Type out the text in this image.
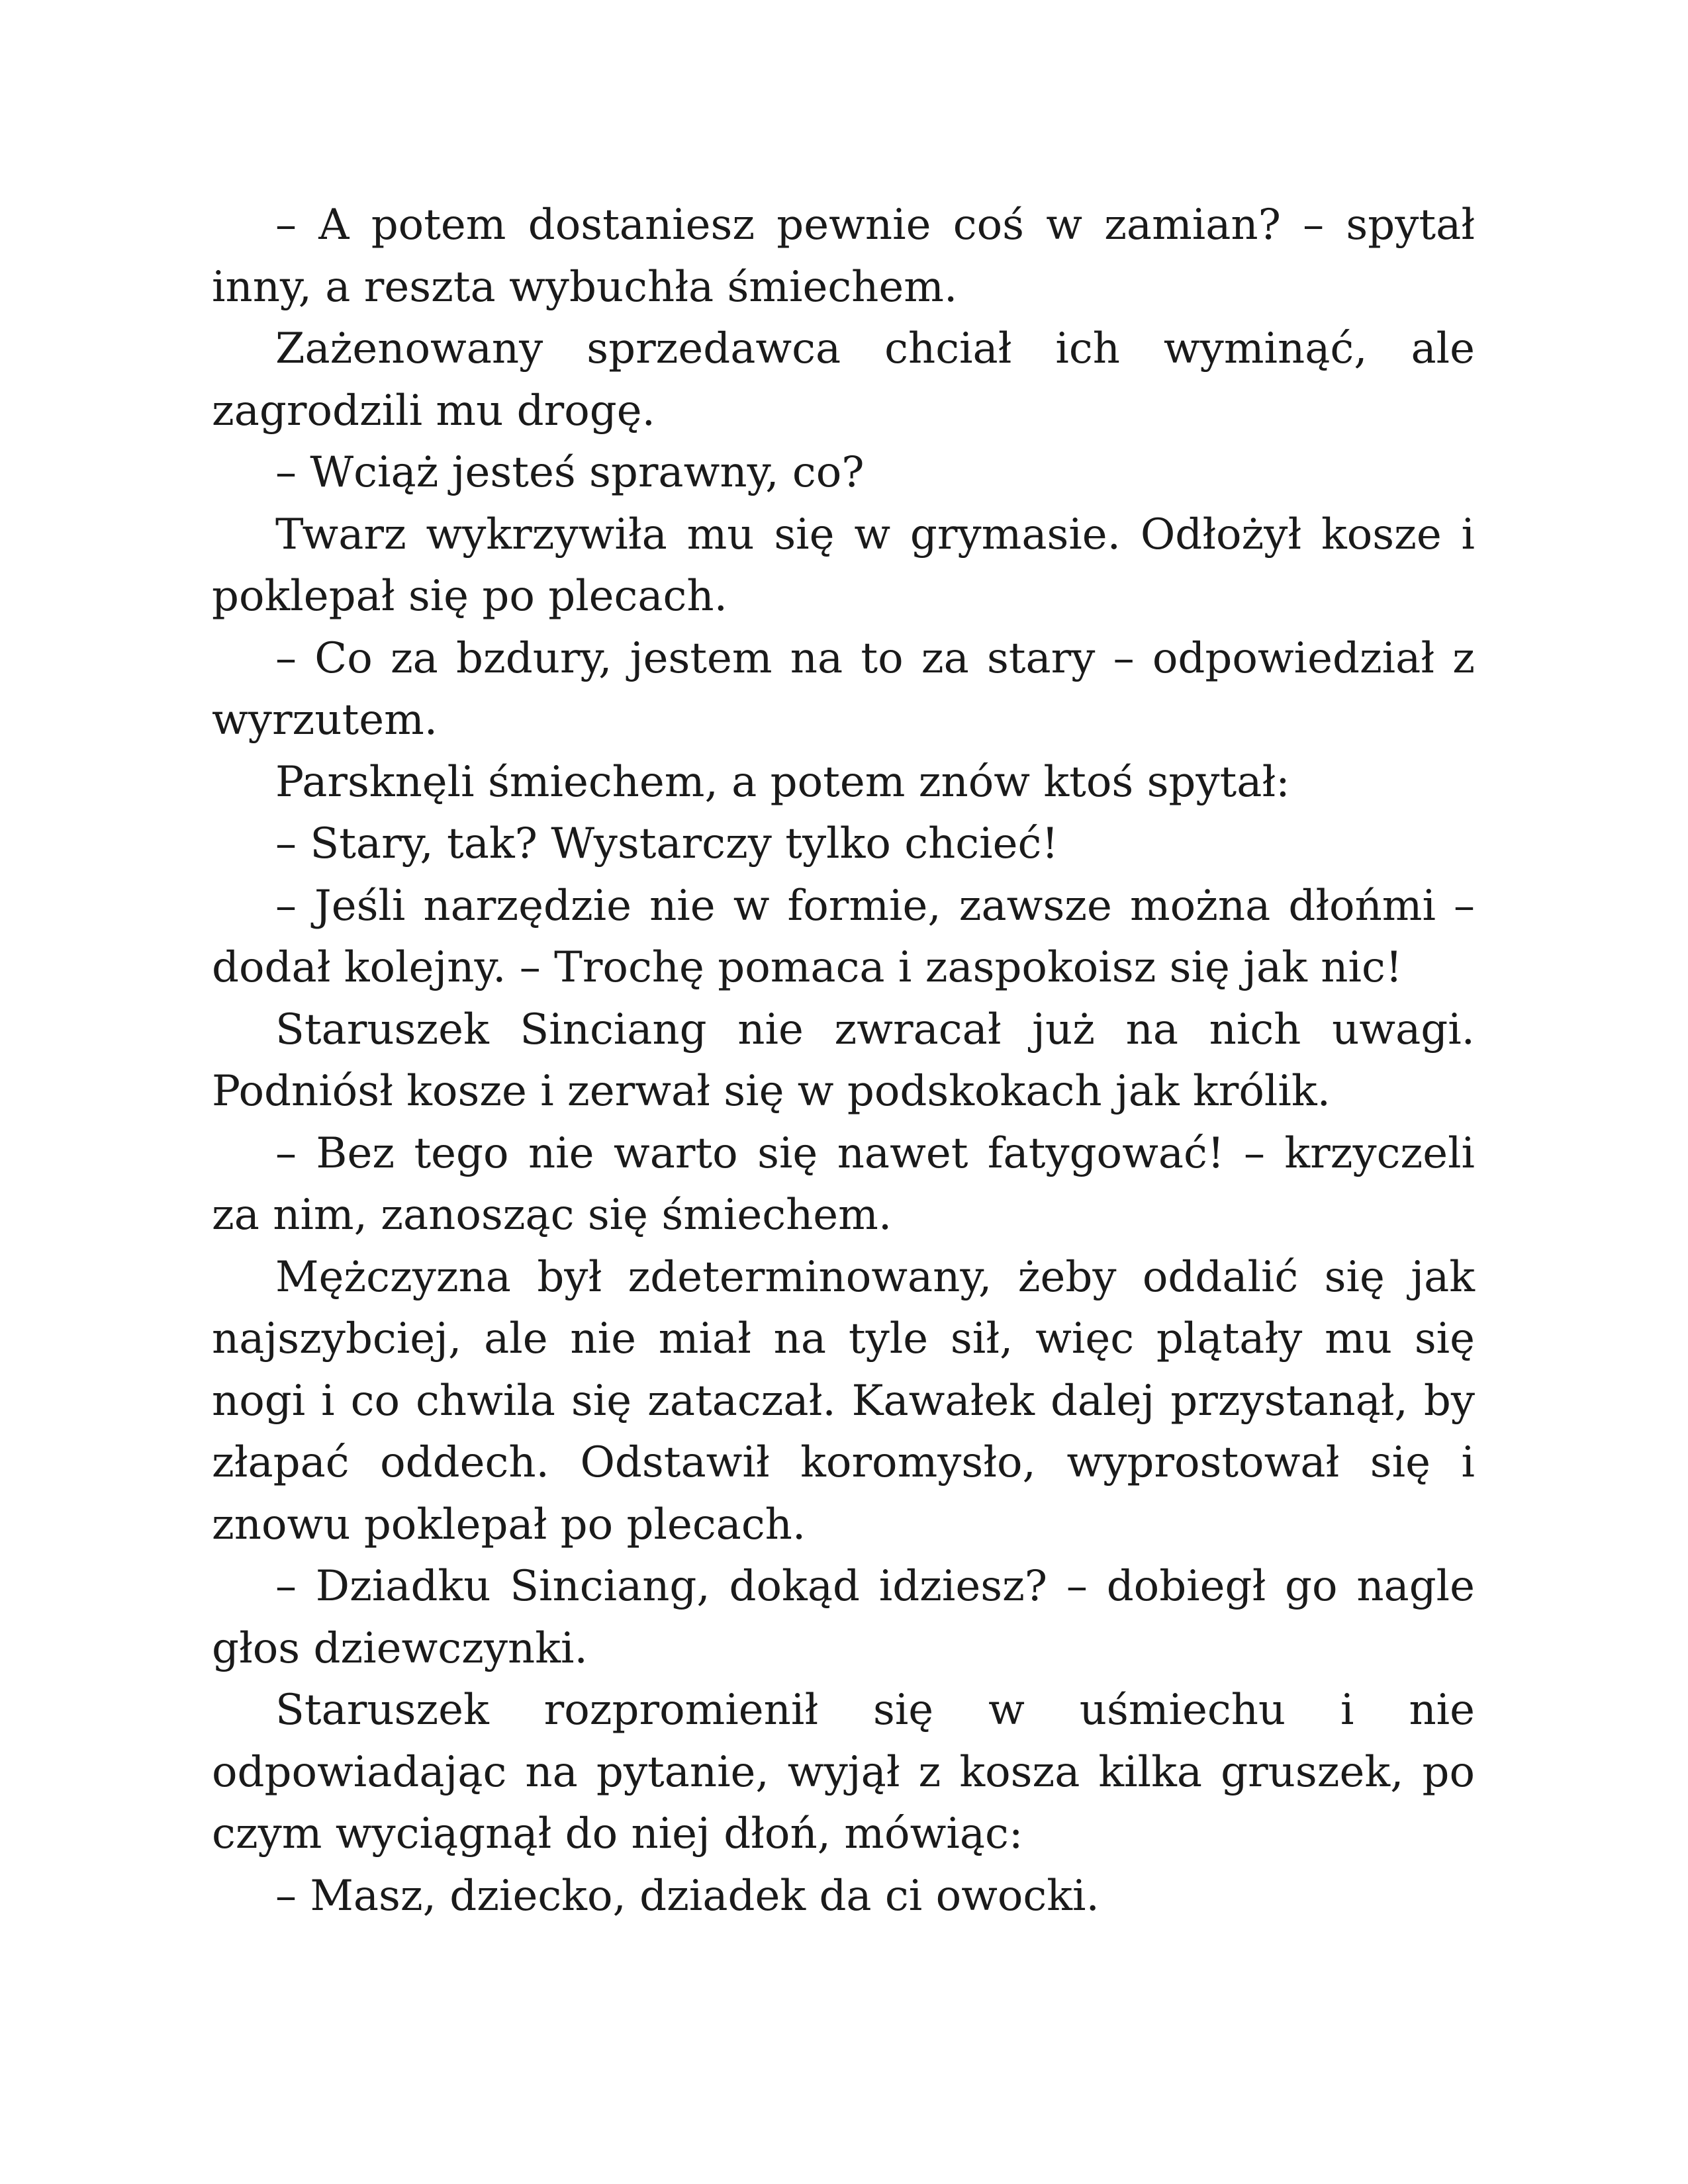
– A potem dostaniesz pewnie coś w zamian? – spytał inny, a reszta wybuchła śmiechem.

Zażenowany sprzedawca chciał ich wyminąć, ale zagrodzili mu drogę.

– Wciąż jesteś sprawny, co?

Twarz wykrzywiła mu się w grymasie. Odłożył kosze i poklepał się po plecach.

– Co za bzdury, jestem na to za stary – odpowiedział z wyrzutem.

Parsknęli śmiechem, a potem znów ktoś spytał:

– Stary, tak? Wystarczy tylko chcieć!

– Jeśli narzędzie nie w formie, zawsze można dłońmi – dodał kolejny. – Trochę pomaca i zaspokoisz się jak nic!

Staruszek Sinciang nie zwracał już na nich uwagi. Podniósł kosze i zerwał się w podskokach jak królik.

– Bez tego nie warto się nawet fatygować! – krzyczeli za nim, zanosząc się śmiechem.

Mężczyzna był zdeterminowany, żeby oddalić się jak najszybciej, ale nie miał na tyle sił, więc plątały mu się nogi i co chwila się zataczał. Kawałek dalej przystanął, by złapać oddech. Odstawił koromysło, wyprostował się i znowu poklepał po plecach.

– Dziadku Sinciang, dokąd idziesz? – dobiegł go nagle głos dziewczynki.

Staruszek rozpromienił się w uśmiechu i nie odpowiadając na pytanie, wyjął z kosza kilka gruszek, po czym wyciągnął do niej dłoń, mówiąc:

– Masz, dziecko, dziadek da ci owocki.
